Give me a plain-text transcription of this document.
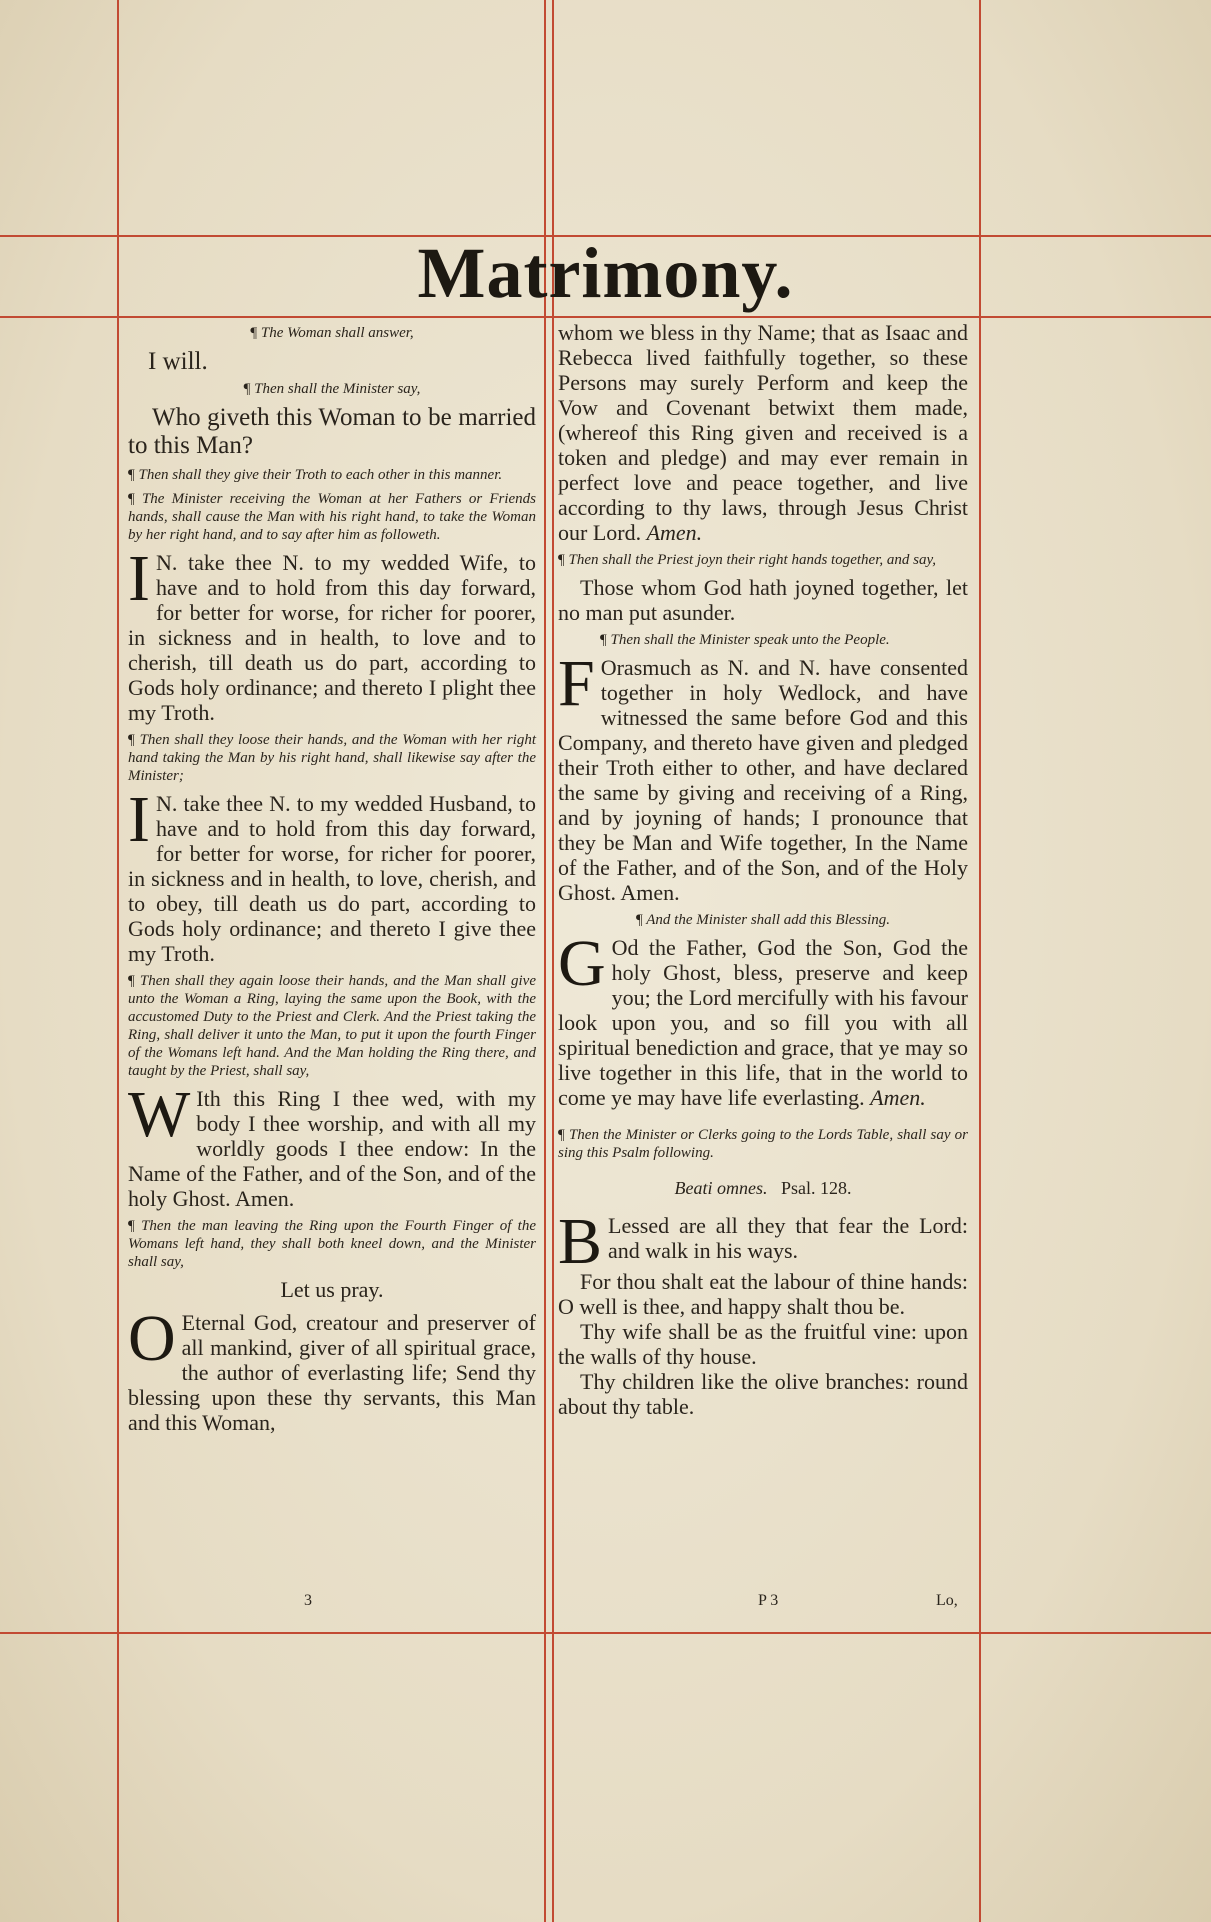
Matrimony.
¶ The Woman shall answer,
I will.
¶ Then shall the Minister say,
Who giveth this Woman to be married to this Man?
¶ Then shall they give their Troth to each other in this manner.
¶ The Minister receiving the Woman at her Fathers or Friends hands, shall cause the Man with his right hand, to take the Woman by her right hand, and to say after him as followeth.
I N. take thee N. to my wedded Wife, to have and to hold from this day forward, for better for worse, for richer for poorer, in sickness and in health, to love and to cherish, till death us do part, according to Gods holy ordinance; and thereto I plight thee my Troth.
¶ Then shall they loose their hands, and the Woman with her right hand taking the Man by his right hand, shall likewise say after the Minister;
I N. take thee N. to my wedded Husband, to have and to hold from this day forward, for better for worse, for richer for poorer, in sickness and in health, to love, cherish, and to obey, till death us do part, according to Gods holy ordinance; and thereto I give thee my Troth.
¶ Then shall they again loose their hands, and the Man shall give unto the Woman a Ring, laying the same upon the Book, with the accustomed Duty to the Priest and Clerk. And the Priest taking the Ring, shall deliver it unto the Man, to put it upon the fourth Finger of the Womans left hand. And the Man holding the Ring there, and taught by the Priest, shall say,
W Ith this Ring I thee wed, with my body I thee worship, and with all my worldly goods I thee endow: In the Name of the Father, and of the Son, and of the holy Ghost. Amen.
¶ Then the man leaving the Ring upon the Fourth Finger of the Womans left hand, they shall both kneel down, and the Minister shall say,
Let us pray.
O Eternal God, creatour and preserver of all mankind, giver of all spiritual grace, the author of everlasting life; Send thy blessing upon these thy servants, this Man and this Woman,
3
whom we bless in thy Name; that as Isaac and Rebecca lived faithfully together, so these Persons may surely Perform and keep the Vow and Covenant betwixt them made, (whereof this Ring given and received is a token and pledge) and may ever remain in perfect love and peace together, and live according to thy laws, through Jesus Christ our Lord. Amen.
¶ Then shall the Priest joyn their right hands together, and say,
Those whom God hath joyned together, let no man put asunder.
¶ Then shall the Minister speak unto the People.
F Orasmuch as N. and N. have consented together in holy Wedlock, and have witnessed the same before God and this Company, and thereto have given and pledged their Troth either to other, and have declared the same by giving and receiving of a Ring, and by joyning of hands; I pronounce that they be Man and Wife together, In the Name of the Father, and of the Son, and of the Holy Ghost. Amen.
¶ And the Minister shall add this Blessing.
G Od the Father, God the Son, God the holy Ghost, bless, preserve and keep you; the Lord mercifully with his favour look upon you, and so fill you with all spiritual benediction and grace, that ye may so live together in this life, that in the world to come ye may have life everlasting. Amen.
¶ Then the Minister or Clerks going to the Lords Table, shall say or sing this Psalm following.
Beati omnes. Psal. 128.
B Lessed are all they that fear the Lord: and walk in his ways.
For thou shalt eat the labour of thine hands: O well is thee, and happy shalt thou be.
Thy wife shall be as the fruitful vine: upon the walls of thy house.
Thy children like the olive branches: round about thy table.
P 3	Lo,
